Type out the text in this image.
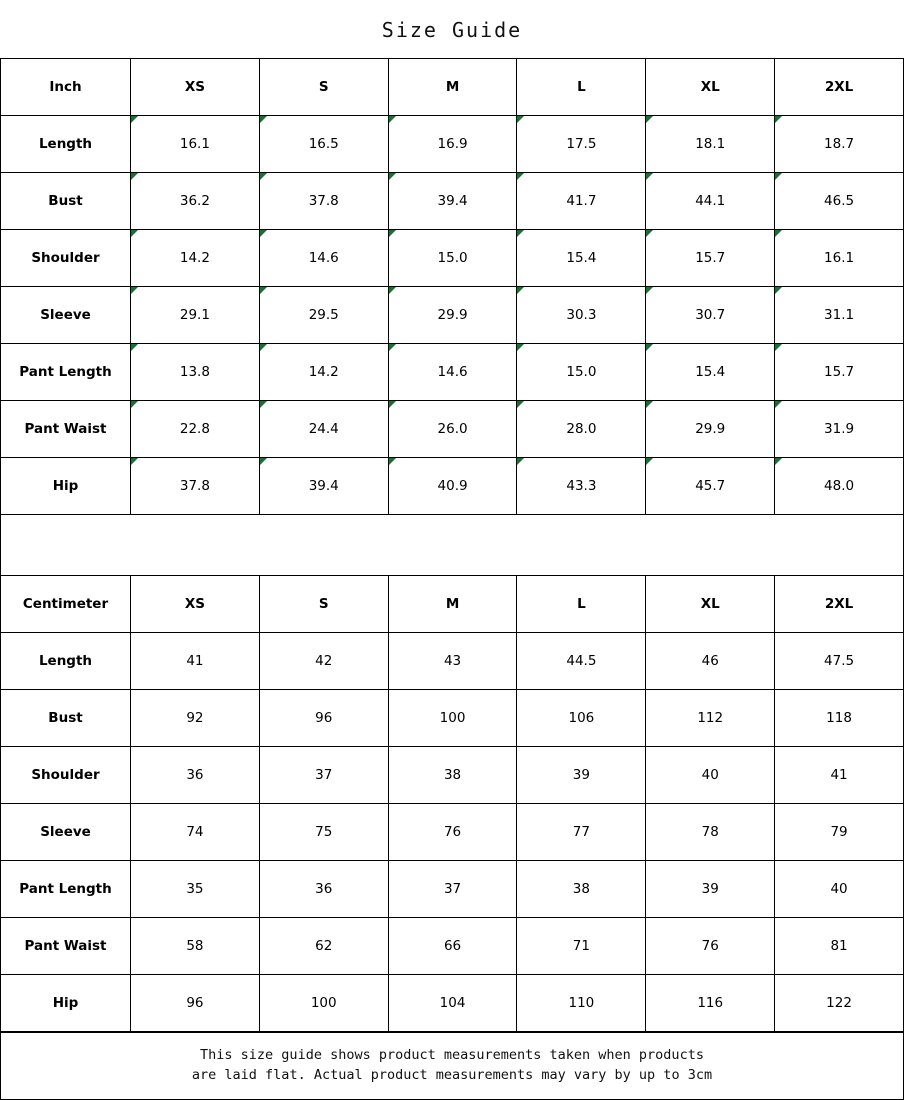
Size Guide
Inch	XS	S	M	L	XL	2XL
Length	16.1	16.5	16.9	17.5	18.1	18.7
Bust	36.2	37.8	39.4	41.7	44.1	46.5
Shoulder	14.2	14.6	15.0	15.4	15.7	16.1
Sleeve	29.1	29.5	29.9	30.3	30.7	31.1
Pant Length	13.8	14.2	14.6	15.0	15.4	15.7
Pant Waist	22.8	24.4	26.0	28.0	29.9	31.9
Hip	37.8	39.4	40.9	43.3	45.7	48.0
Centimeter	XS	S	M	L	XL	2XL
Length	41	42	43	44.5	46	47.5
Bust	92	96	100	106	112	118
Shoulder	36	37	38	39	40	41
Sleeve	74	75	76	77	78	79
Pant Length	35	36	37	38	39	40
Pant Waist	58	62	66	71	76	81
Hip	96	100	104	110	116	122
This size guide shows product measurements taken when products
are laid flat. Actual product measurements may vary by up to 3cm
